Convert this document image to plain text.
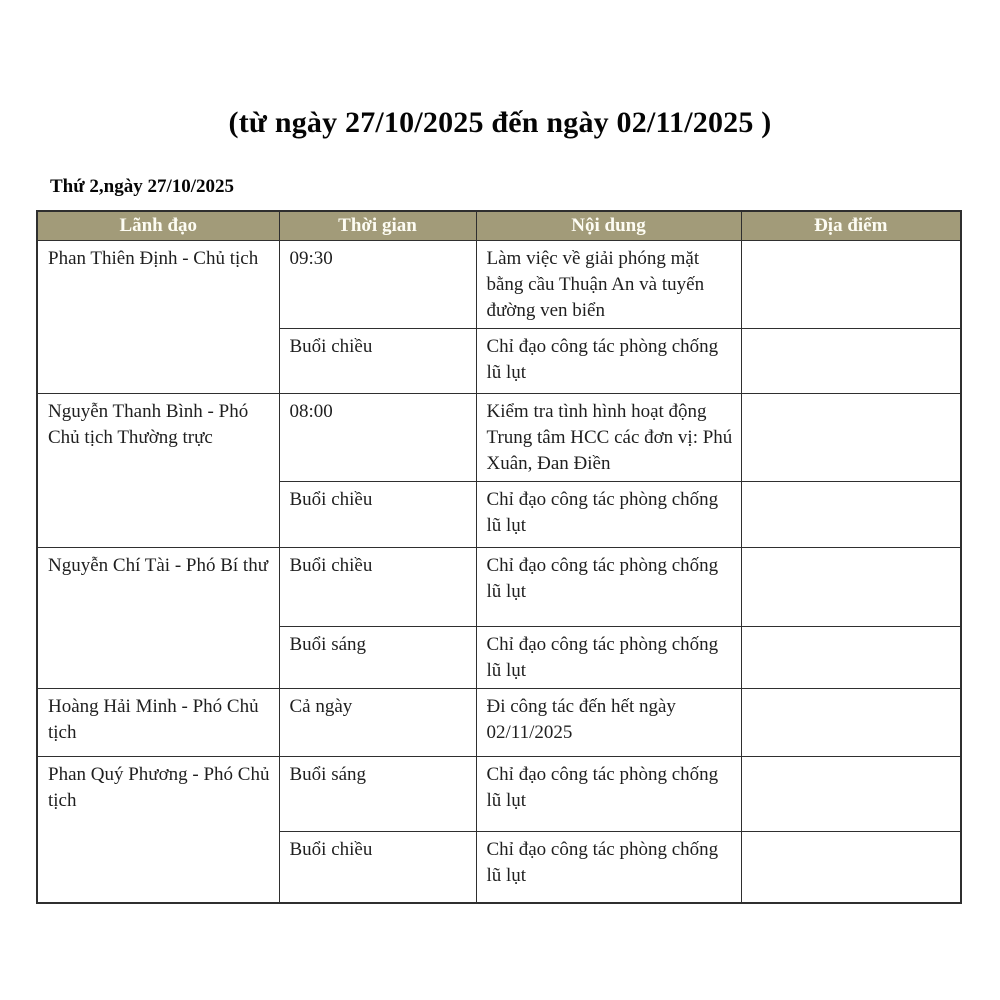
(từ ngày 27/10/2025 đến ngày 02/11/2025 )
Thứ 2,ngày 27/10/2025
Lãnh đạo	Thời gian	Nội dung	Địa điểm
Phan Thiên Định - Chủ tịch	09:30	Làm việc về giải phóng mặt bằng cầu Thuận An và tuyến đường ven biển	
	Buổi chiều	Chỉ đạo công tác phòng chống lũ lụt	
Nguyễn Thanh Bình - Phó Chủ tịch Thường trực	08:00	Kiểm tra tình hình hoạt động Trung tâm HCC các đơn vị: Phú Xuân, Đan Điền	
	Buổi chiều	Chỉ đạo công tác phòng chống lũ lụt	
Nguyễn Chí Tài - Phó Bí thư	Buổi chiều	Chỉ đạo công tác phòng chống lũ lụt	
	Buổi sáng	Chỉ đạo công tác phòng chống lũ lụt	
Hoàng Hải Minh - Phó Chủ tịch	Cả ngày	Đi công tác đến hết ngày 02/11/2025	
Phan Quý Phương - Phó Chủ tịch	Buổi sáng	Chỉ đạo công tác phòng chống lũ lụt	
	Buổi chiều	Chỉ đạo công tác phòng chống lũ lụt	
